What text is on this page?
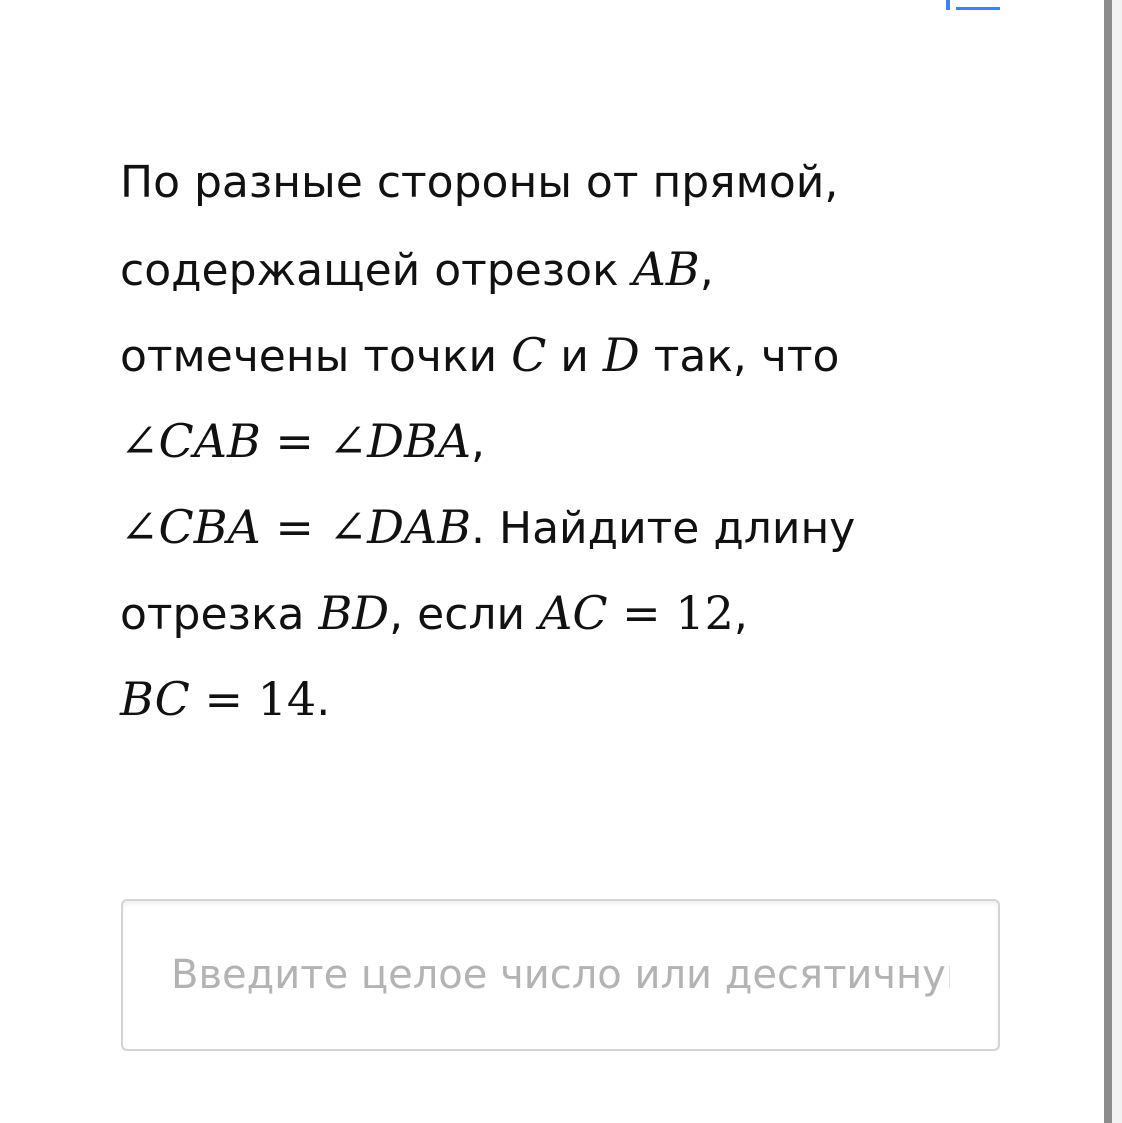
По разные стороны от прямой,
содержащей отрезок AB,
отмечены точки C и D так, что
∠CAB = ∠DBA,
∠CBA = ∠DAB. Найдите длину
отрезка BD, если AC = 12,
BC = 14.
Введите целое число или десятичную дробь
